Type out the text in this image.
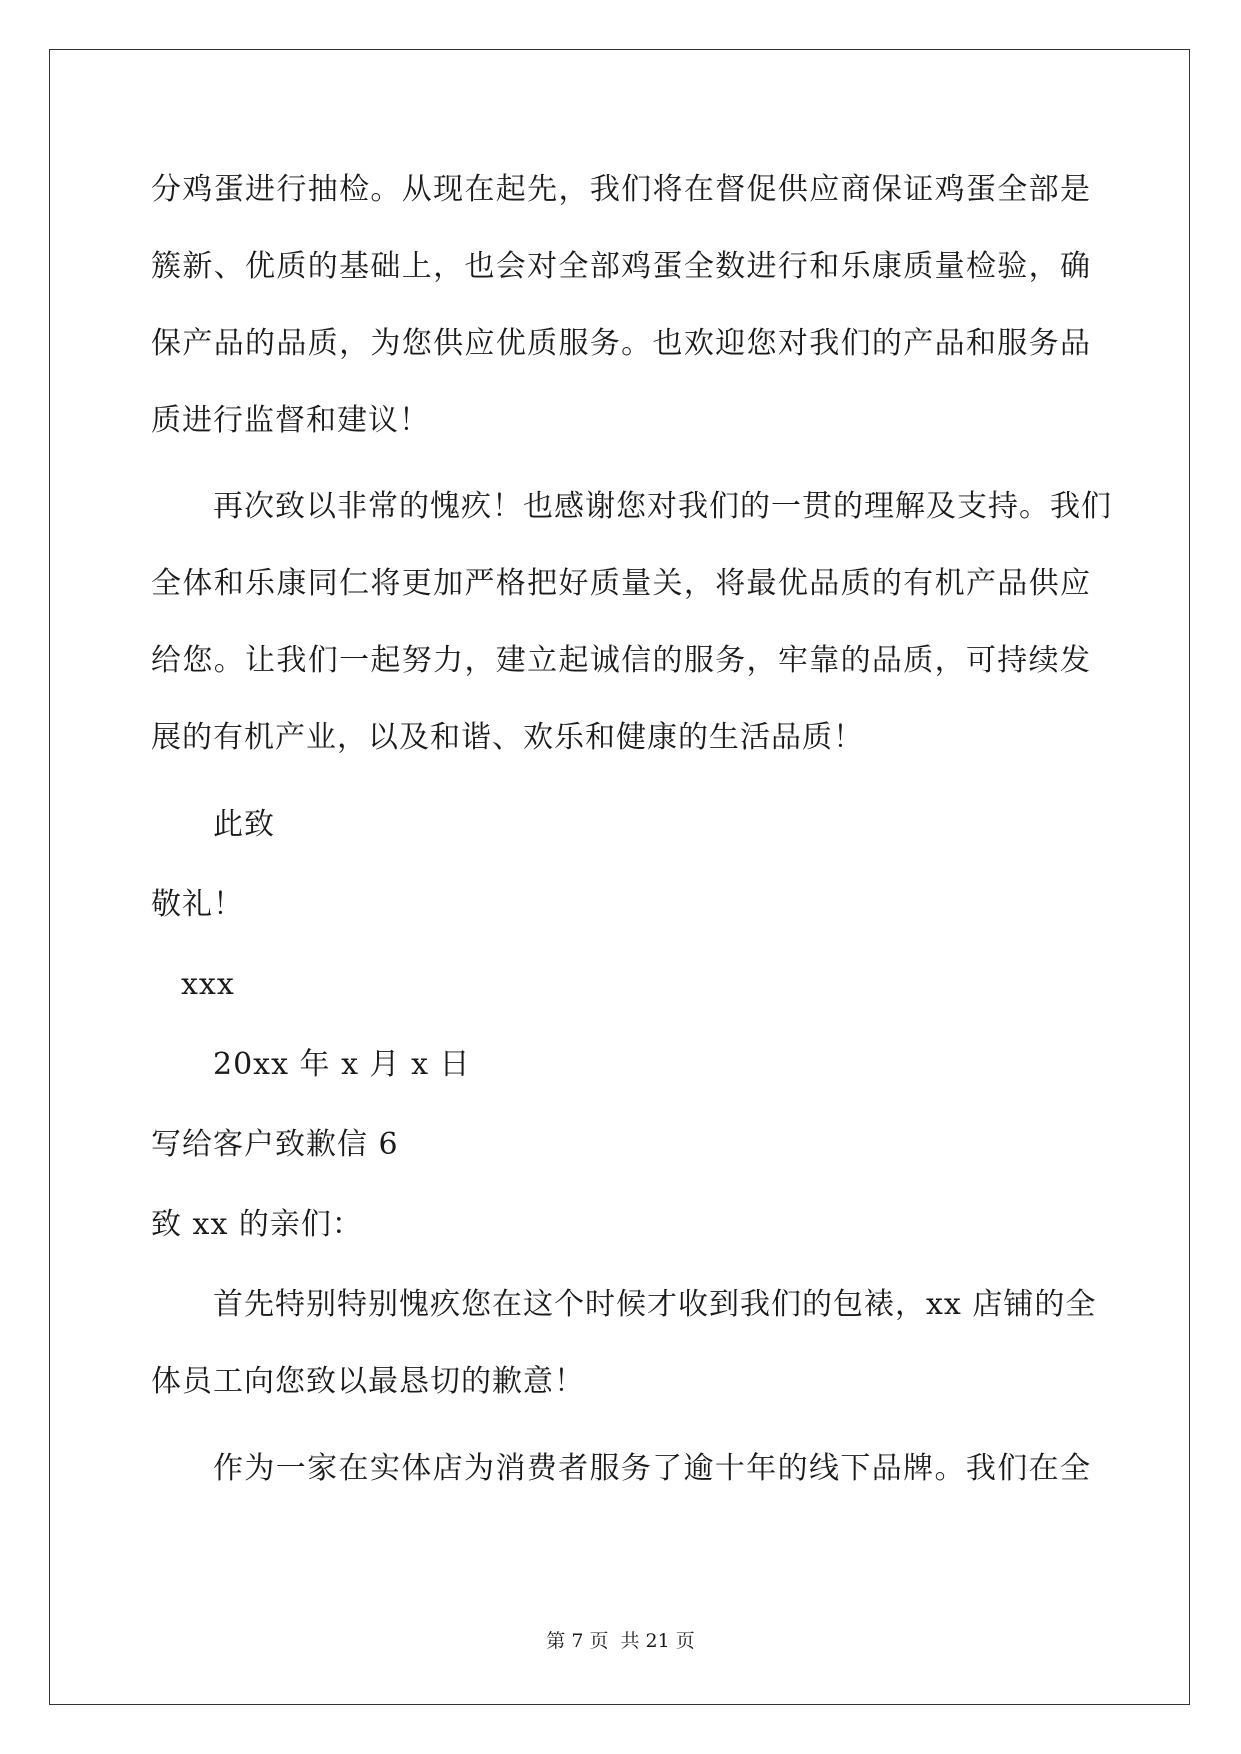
分鸡蛋进行抽检。从现在起先，我们将在督促供应商保证鸡蛋全部是
簇新、优质的基础上，也会对全部鸡蛋全数进行和乐康质量检验，确
保产品的品质，为您供应优质服务。也欢迎您对我们的产品和服务品
质进行监督和建议！
再次致以非常的愧疚！也感谢您对我们的一贯的理解及支持。我们
全体和乐康同仁将更加严格把好质量关，将最优品质的有机产品供应
给您。让我们一起努力，建立起诚信的服务，牢靠的品质，可持续发
展的有机产业，以及和谐、欢乐和健康的生活品质！
此致
敬礼！
xxx
20xx 年 x 月 x 日
写给客户致歉信 6
致 xx 的亲们：
首先特别特别愧疚您在这个时候才收到我们的包裱，xx 店铺的全
体员工向您致以最恳切的歉意！
作为一家在实体店为消费者服务了逾十年的线下品牌。我们在全
第 7 页 共 21 页
